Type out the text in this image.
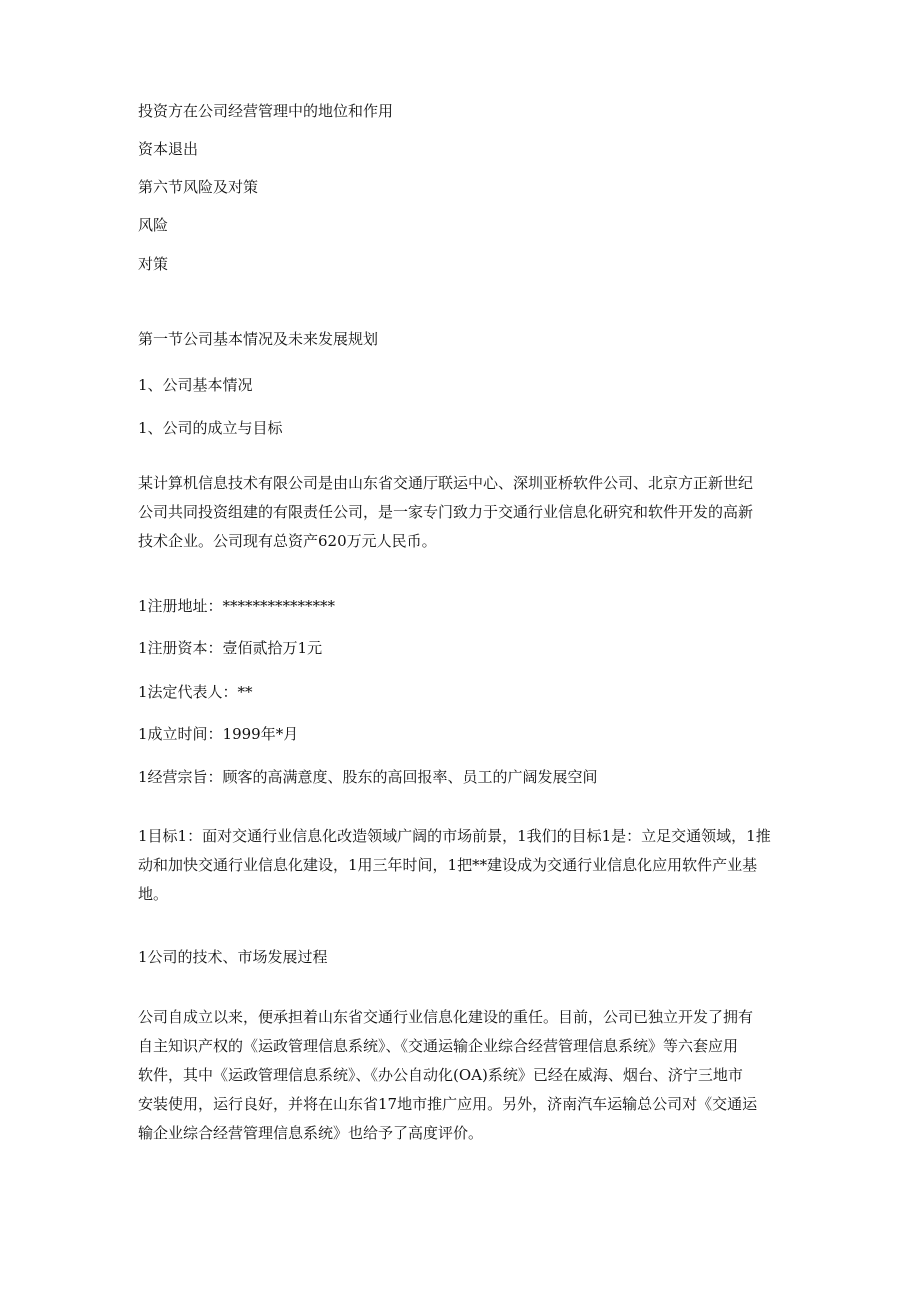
投资方在公司经营管理中的地位和作用
资本退出
第六节风险及对策
风险
对策
第一节公司基本情况及未来发展规划
1、公司基本情况
1、公司的成立与目标
某计算机信息技术有限公司是由山东省交通厅联运中心、深圳亚桥软件公司、北京方正新世纪
公司共同投资组建的有限责任公司，是一家专门致力于交通行业信息化研究和软件开发的高新
技术企业。公司现有总资产620万元人民币。
1注册地址：***************
1注册资本：壹佰贰拾万1元
1法定代表人：**
1成立时间：1999年*月
1经营宗旨：顾客的高满意度、股东的高回报率、员工的广阔发展空间
1目标1：面对交通行业信息化改造领域广阔的市场前景，1我们的目标1是：立足交通领域，1推
动和加快交通行业信息化建设，1用三年时间，1把**建设成为交通行业信息化应用软件产业基
地。
1公司的技术、市场发展过程
公司自成立以来，便承担着山东省交通行业信息化建设的重任。目前，公司已独立开发了拥有
自主知识产权的《运政管理信息系统》、《交通运输企业综合经营管理信息系统》等六套应用
软件，其中《运政管理信息系统》、《办公自动化(OA)系统》已经在威海、烟台、济宁三地市
安装使用，运行良好，并将在山东省17地市推广应用。另外，济南汽车运输总公司对《交通运
输企业综合经营管理信息系统》也给予了高度评价。
